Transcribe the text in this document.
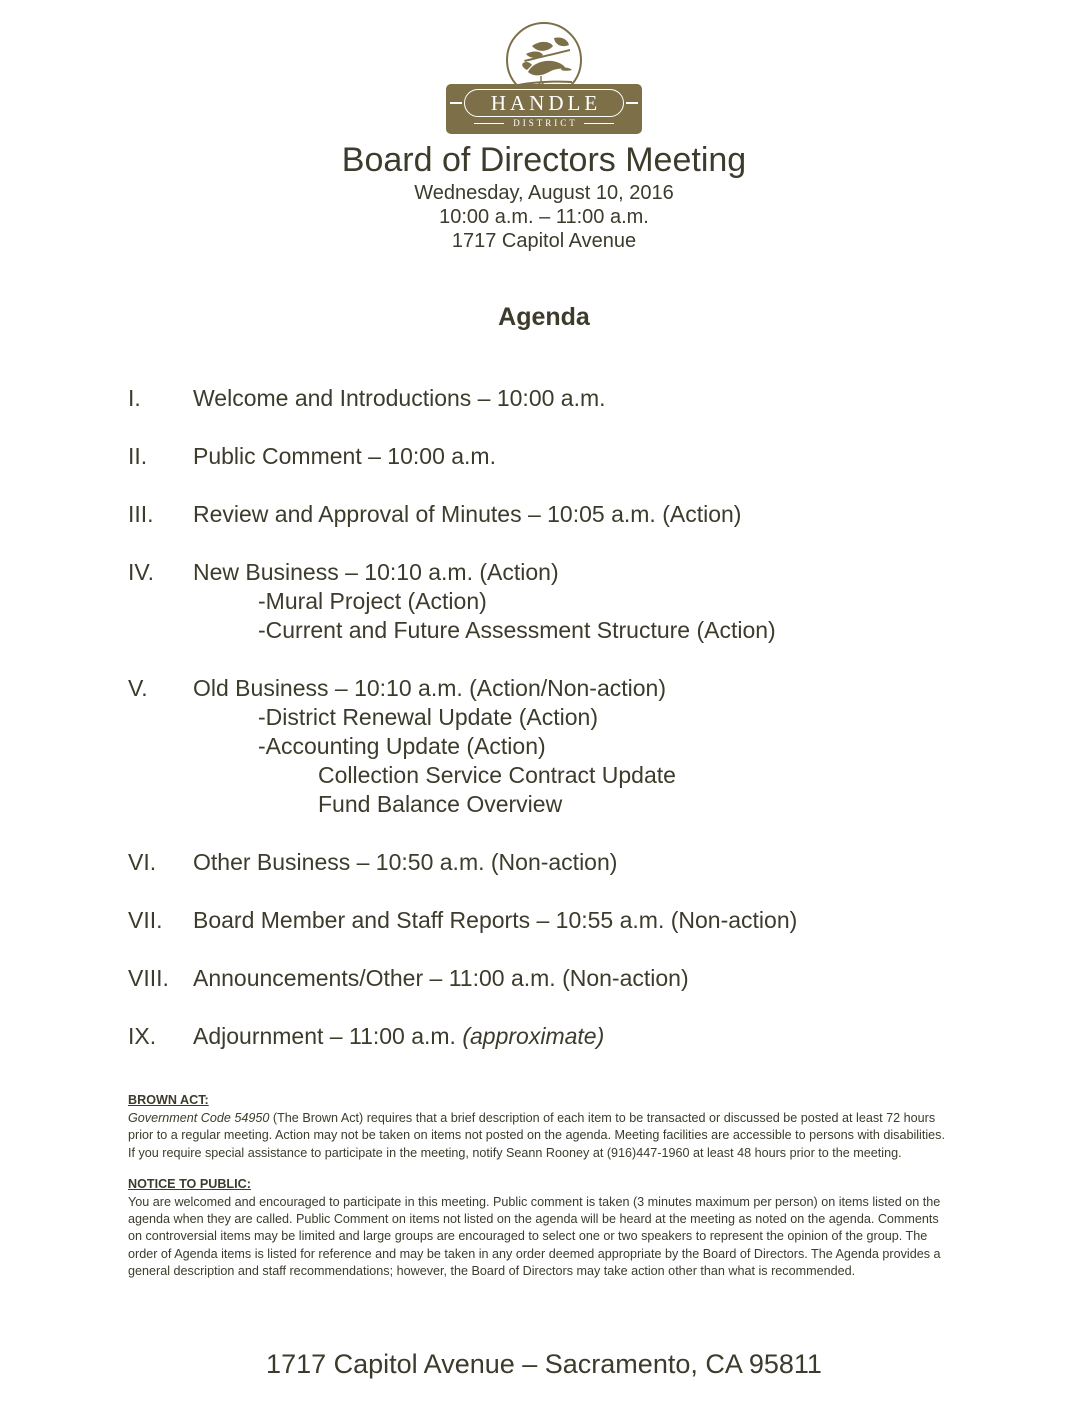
HANDLE
DISTRICT
Board of Directors Meeting
Wednesday, August 10, 2016
10:00 a.m. – 11:00 a.m.
1717 Capitol Avenue
Agenda
I.	Welcome and Introductions – 10:00 a.m.
II.	Public Comment – 10:00 a.m.
III.	Review and Approval of Minutes – 10:05 a.m. (Action)
IV.	New Business – 10:10 a.m. (Action)
-Mural Project (Action)
-Current and Future Assessment Structure (Action)
V.	Old Business – 10:10 a.m. (Action/Non-action)
-District Renewal Update (Action)
-Accounting Update (Action)
Collection Service Contract Update
Fund Balance Overview
VI.	Other Business – 10:50 a.m. (Non-action)
VII.	Board Member and Staff Reports – 10:55 a.m. (Non-action)
VIII.	Announcements/Other – 11:00 a.m. (Non-action)
IX.	Adjournment – 11:00 a.m. (approximate)
BROWN ACT:
Government Code 54950 (The Brown Act) requires that a brief description of each item to be transacted or discussed be posted at least 72 hours prior to a regular meeting. Action may not be taken on items not posted on the agenda. Meeting facilities are accessible to persons with disabilities. If you require special assistance to participate in the meeting, notify Seann Rooney at (916)447-1960 at least 48 hours prior to the meeting.
NOTICE TO PUBLIC:
You are welcomed and encouraged to participate in this meeting. Public comment is taken (3 minutes maximum per person) on items listed on the agenda when they are called. Public Comment on items not listed on the agenda will be heard at the meeting as noted on the agenda. Comments on controversial items may be limited and large groups are encouraged to select one or two speakers to represent the opinion of the group. The order of Agenda items is listed for reference and may be taken in any order deemed appropriate by the Board of Directors. The Agenda provides a general description and staff recommendations; however, the Board of Directors may take action other than what is recommended.
1717 Capitol Avenue – Sacramento, CA 95811
